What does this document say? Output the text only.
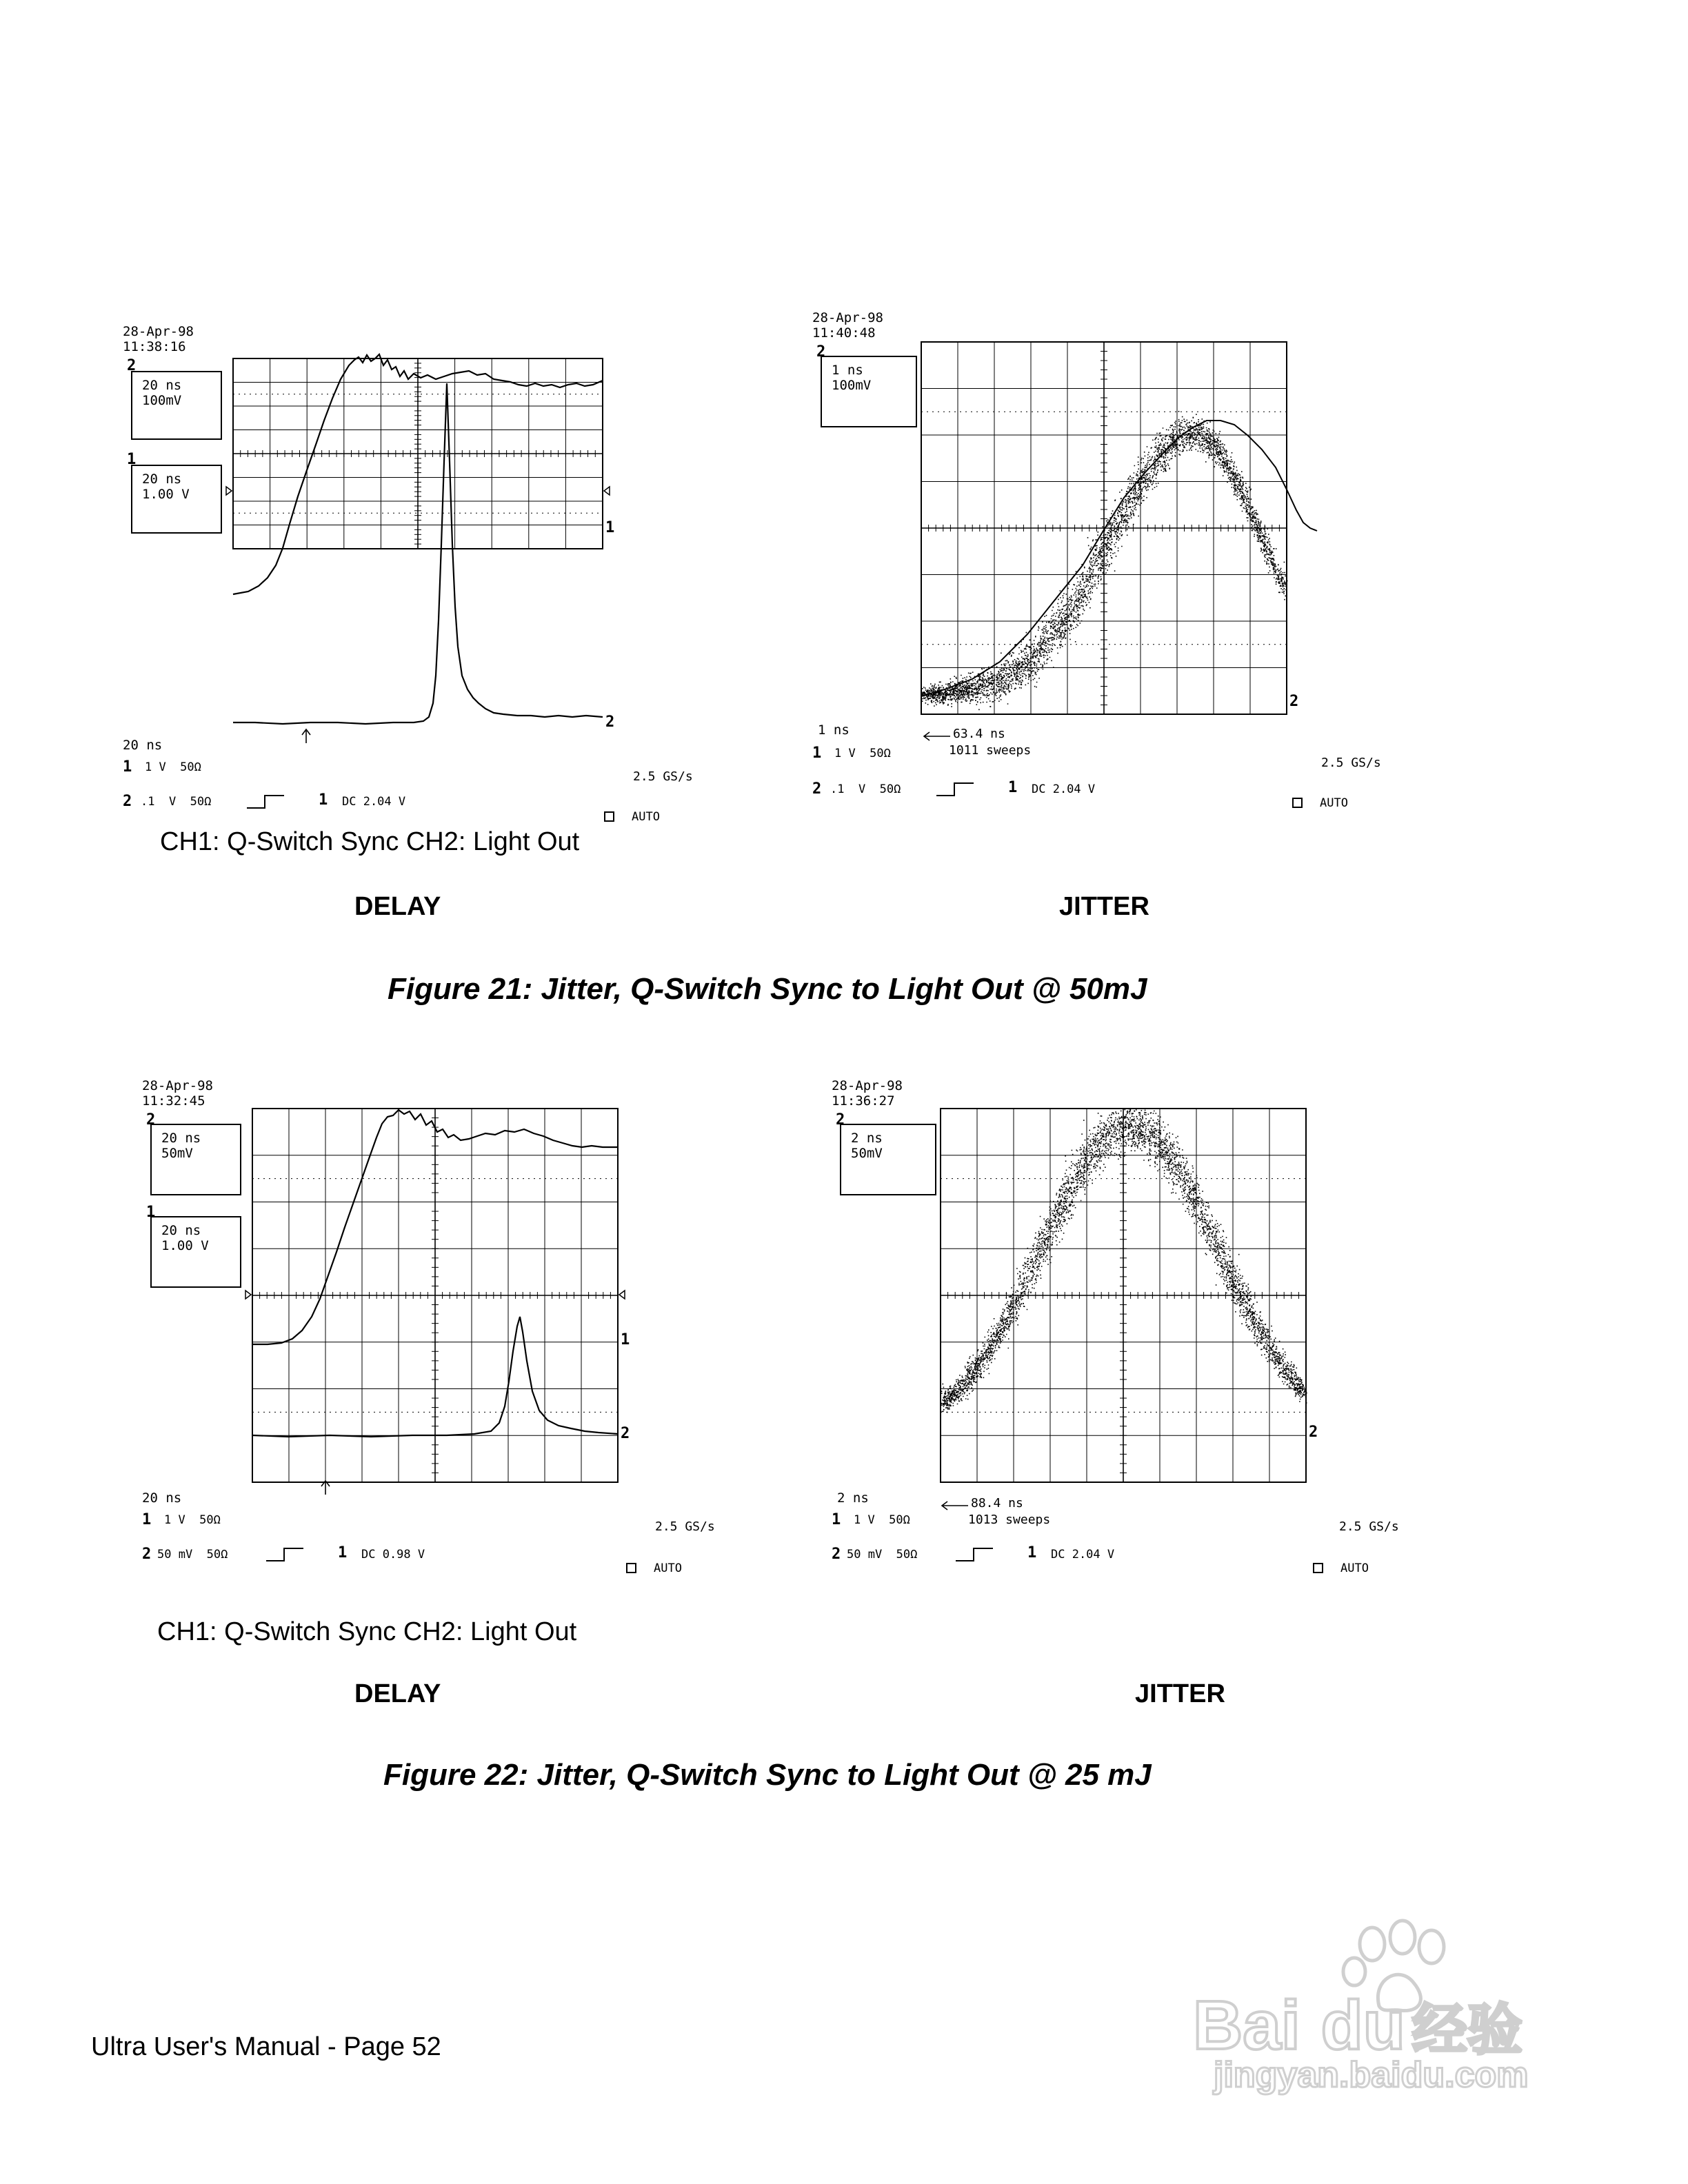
28-Apr-98
11:38:16
2
20 ns
100mV
1
20 ns
1.00 V
1
2
20 ns
1 1 V  50Ω
2 .1  V  50Ω	1 DC 2.04 V
2.5 GS/s
AUTO
28-Apr-98
11:40:48
2
1 ns
100mV
2
1 ns	63.4 ns
1011 sweeps
1 1 V  50Ω
2 .1  V  50Ω	1 DC 2.04 V
2.5 GS/s
AUTO
CH1: Q-Switch Sync CH2: Light Out
DELAY	JITTER
Figure 21: Jitter, Q-Switch Sync to Light Out @ 50mJ
28-Apr-98
11:32:45
2
20 ns
50mV
1
20 ns
1.00 V
1
2
20 ns
1 1 V  50Ω
2 50 mV  50Ω	1 DC 0.98 V
2.5 GS/s
AUTO
28-Apr-98
11:36:27
2
2 ns
50mV
2
2 ns	88.4 ns
1013 sweeps
1 1 V  50Ω
2 50 mV  50Ω	1 DC 2.04 V
2.5 GS/s
AUTO
CH1: Q-Switch Sync CH2: Light Out
DELAY	JITTER
Figure 22: Jitter, Q-Switch Sync to Light Out @ 25 mJ
Ultra User's Manual - Page 52	Bai du 经验
jingyan.baidu.com
